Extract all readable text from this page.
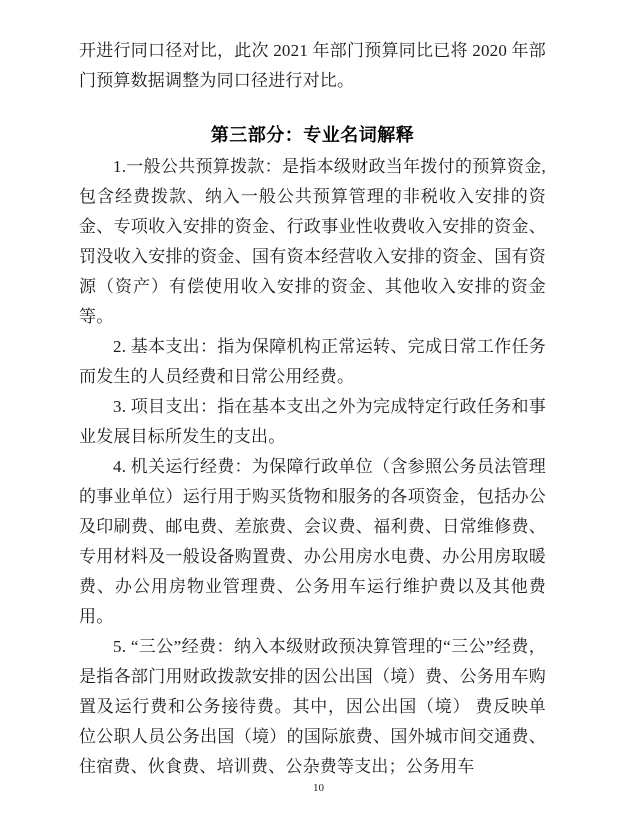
开进行同口径对比，此次 2021 年部门预算同比已将 2020 年部门预算数据调整为同口径进行对比。

第三部分：专业名词解释

1.一般公共预算拨款：是指本级财政当年拨付的预算资金,包含经费拨款、纳入一般公共预算管理的非税收入安排的资金、专项收入安排的资金、行政事业性收费收入安排的资金、罚没收入安排的资金、国有资本经营收入安排的资金、国有资源（资产）有偿使用收入安排的资金、其他收入安排的资金等。

2. 基本支出：指为保障机构正常运转、完成日常工作任务而发生的人员经费和日常公用经费。

3. 项目支出：指在基本支出之外为完成特定行政任务和事业发展目标所发生的支出。

4. 机关运行经费：为保障行政单位（含参照公务员法管理的事业单位）运行用于购买货物和服务的各项资金，包括办公及印刷费、邮电费、差旅费、会议费、福利费、日常维修费、专用材料及一般设备购置费、办公用房水电费、办公用房取暖费、办公用房物业管理费、公务用车运行维护费以及其他费用。

5. “三公”经费：纳入本级财政预决算管理的“三公”经费，是指各部门用财政拨款安排的因公出国（境）费、公务用车购置及运行费和公务接待费。其中，因公出国（境） 费反映单位公职人员公务出国（境）的国际旅费、国外城市间交通费、住宿费、伙食费、培训费、公杂费等支出；公务用车

10
